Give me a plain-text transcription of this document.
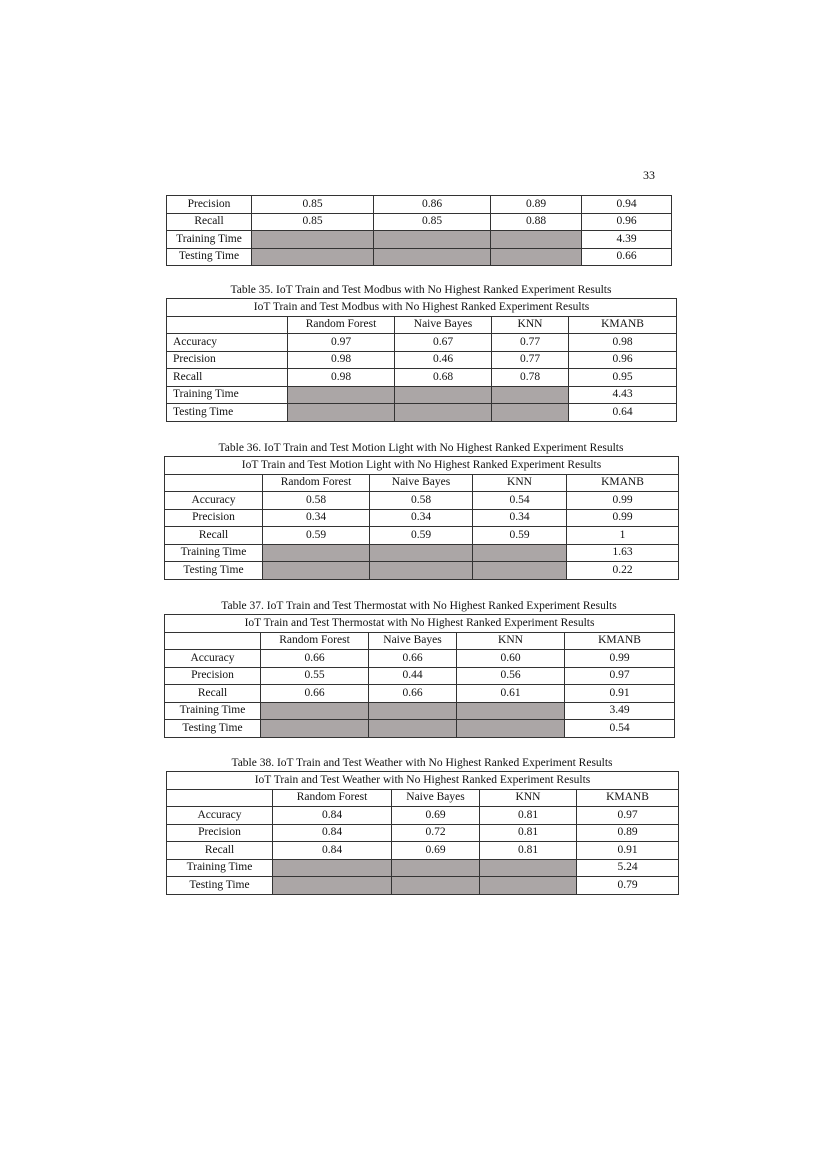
33
Precision	0.85	0.86	0.89	0.94
Recall	0.85	0.85	0.88	0.96
Training Time				4.39
Testing Time				0.66
Table 35. IoT Train and Test Modbus with No Highest Ranked Experiment Results
IoT Train and Test Modbus with No Highest Ranked Experiment Results				
	Random Forest	Naive Bayes	KNN	KMANB
Accuracy	0.97	0.67	0.77	0.98
Precision	0.98	0.46	0.77	0.96
Recall	0.98	0.68	0.78	0.95
Training Time				4.43
Testing Time				0.64
Table 36. IoT Train and Test Motion Light with No Highest Ranked Experiment Results
IoT Train and Test Motion Light with No Highest Ranked Experiment Results				
	Random Forest	Naive Bayes	KNN	KMANB
Accuracy	0.58	0.58	0.54	0.99
Precision	0.34	0.34	0.34	0.99
Recall	0.59	0.59	0.59	1
Training Time				1.63
Testing Time				0.22
Table 37. IoT Train and Test Thermostat with No Highest Ranked Experiment Results
IoT Train and Test Thermostat with No Highest Ranked Experiment Results				
	Random Forest	Naive Bayes	KNN	KMANB
Accuracy	0.66	0.66	0.60	0.99
Precision	0.55	0.44	0.56	0.97
Recall	0.66	0.66	0.61	0.91
Training Time				3.49
Testing Time				0.54
Table 38. IoT Train and Test Weather with No Highest Ranked Experiment Results
IoT Train and Test Weather with No Highest Ranked Experiment Results				
	Random Forest	Naive Bayes	KNN	KMANB
Accuracy	0.84	0.69	0.81	0.97
Precision	0.84	0.72	0.81	0.89
Recall	0.84	0.69	0.81	0.91
Training Time				5.24
Testing Time				0.79
